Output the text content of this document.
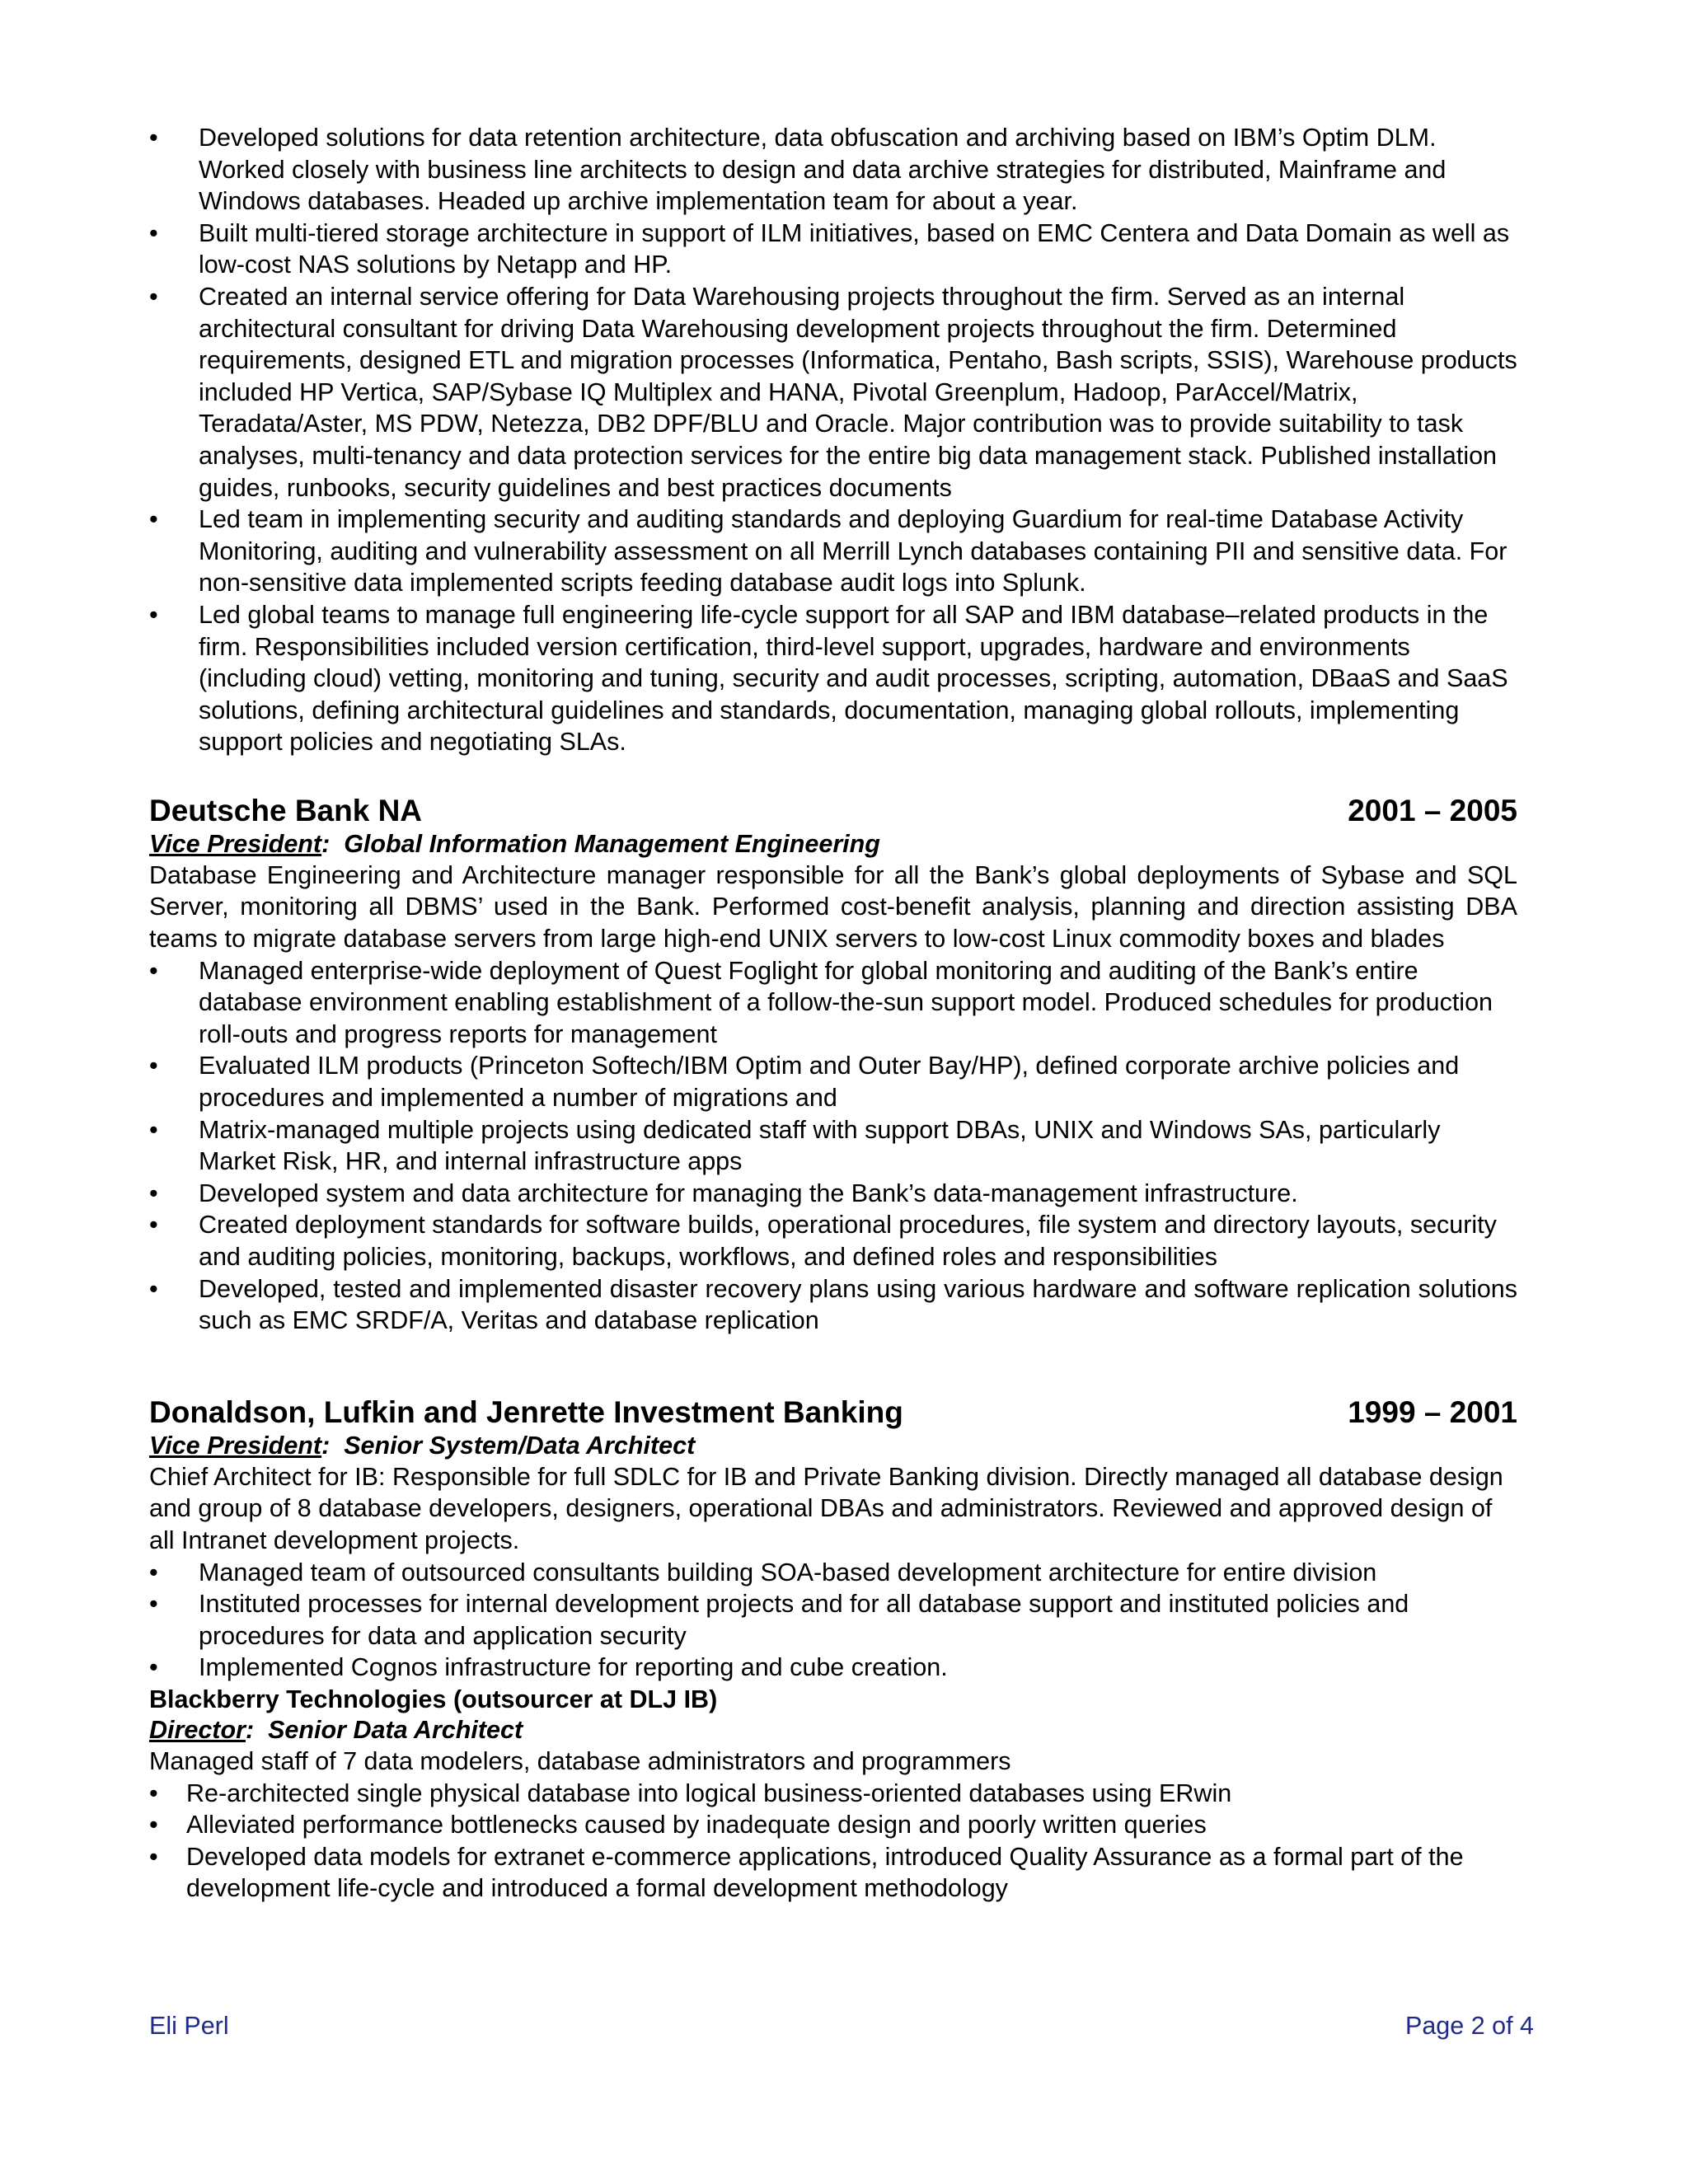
•	Developed solutions for data retention architecture, data obfuscation and archiving based on IBM’s Optim DLM. Worked closely with business line architects to design and data archive strategies for distributed, Mainframe and Windows databases. Headed up archive implementation team for about a year.
•	Built multi-tiered storage architecture in support of ILM initiatives, based on EMC Centera and Data Domain as well as low-cost NAS solutions by Netapp and HP.
•	Created an internal service offering for Data Warehousing projects throughout the firm. Served as an internal architectural consultant for driving Data Warehousing development projects throughout the firm. Determined requirements, designed ETL and migration processes (Informatica, Pentaho, Bash scripts, SSIS), Warehouse products included HP Vertica, SAP/Sybase IQ Multiplex and HANA, Pivotal Greenplum, Hadoop, ParAccel/Matrix, Teradata/Aster, MS PDW, Netezza, DB2 DPF/BLU and Oracle. Major contribution was to provide suitability to task analyses, multi-tenancy and data protection services for the entire big data management stack. Published installation guides, runbooks, security guidelines and best practices documents
•	Led team in implementing security and auditing standards and deploying Guardium for real-time Database Activity Monitoring, auditing and vulnerability assessment on all Merrill Lynch databases containing PII and sensitive data. For non-sensitive data implemented scripts feeding database audit logs into Splunk.
•	Led global teams to manage full engineering life-cycle support for all SAP and IBM database–related products in the firm. Responsibilities included version certification, third-level support, upgrades, hardware and environments (including cloud) vetting, monitoring and tuning, security and audit processes, scripting, automation, DBaaS and SaaS solutions, defining architectural guidelines and standards, documentation, managing global rollouts, implementing support policies and negotiating SLAs.
Deutsche Bank NA	2001 – 2005
Vice President: Global Information Management Engineering
Database Engineering and Architecture manager responsible for all the Bank’s global deployments of Sybase and SQL Server, monitoring all DBMS’ used in the Bank. Performed cost-benefit analysis, planning and direction assisting DBA teams to migrate database servers from large high-end UNIX servers to low-cost Linux commodity boxes and blades
•	Managed enterprise-wide deployment of Quest Foglight for global monitoring and auditing of the Bank’s entire database environment enabling establishment of a follow-the-sun support model. Produced schedules for production roll-outs and progress reports for management
•	Evaluated ILM products (Princeton Softech/IBM Optim and Outer Bay/HP), defined corporate archive policies and procedures and implemented a number of migrations and
•	Matrix-managed multiple projects using dedicated staff with support DBAs, UNIX and Windows SAs, particularly Market Risk, HR, and internal infrastructure apps
•	Developed system and data architecture for managing the Bank’s data-management infrastructure.
•	Created deployment standards for software builds, operational procedures, file system and directory layouts, security and auditing policies, monitoring, backups, workflows, and defined roles and responsibilities
•	Developed, tested and implemented disaster recovery plans using various hardware and software replication solutions such as EMC SRDF/A, Veritas and database replication
Donaldson, Lufkin and Jenrette Investment Banking	1999 – 2001
Vice President: Senior System/Data Architect
Chief Architect for IB: Responsible for full SDLC for IB and Private Banking division. Directly managed all database design and group of 8 database developers, designers, operational DBAs and administrators. Reviewed and approved design of all Intranet development projects.
•	Managed team of outsourced consultants building SOA-based development architecture for entire division
•	Instituted processes for internal development projects and for all database support and instituted policies and procedures for data and application security
•	Implemented Cognos infrastructure for reporting and cube creation.
Blackberry Technologies (outsourcer at DLJ IB)
Director: Senior Data Architect
Managed staff of 7 data modelers, database administrators and programmers
•	Re-architected single physical database into logical business-oriented databases using ERwin
•	Alleviated performance bottlenecks caused by inadequate design and poorly written queries
•	Developed data models for extranet e-commerce applications, introduced Quality Assurance as a formal part of the development life-cycle and introduced a formal development methodology
Eli Perl	Page 2 of 4
